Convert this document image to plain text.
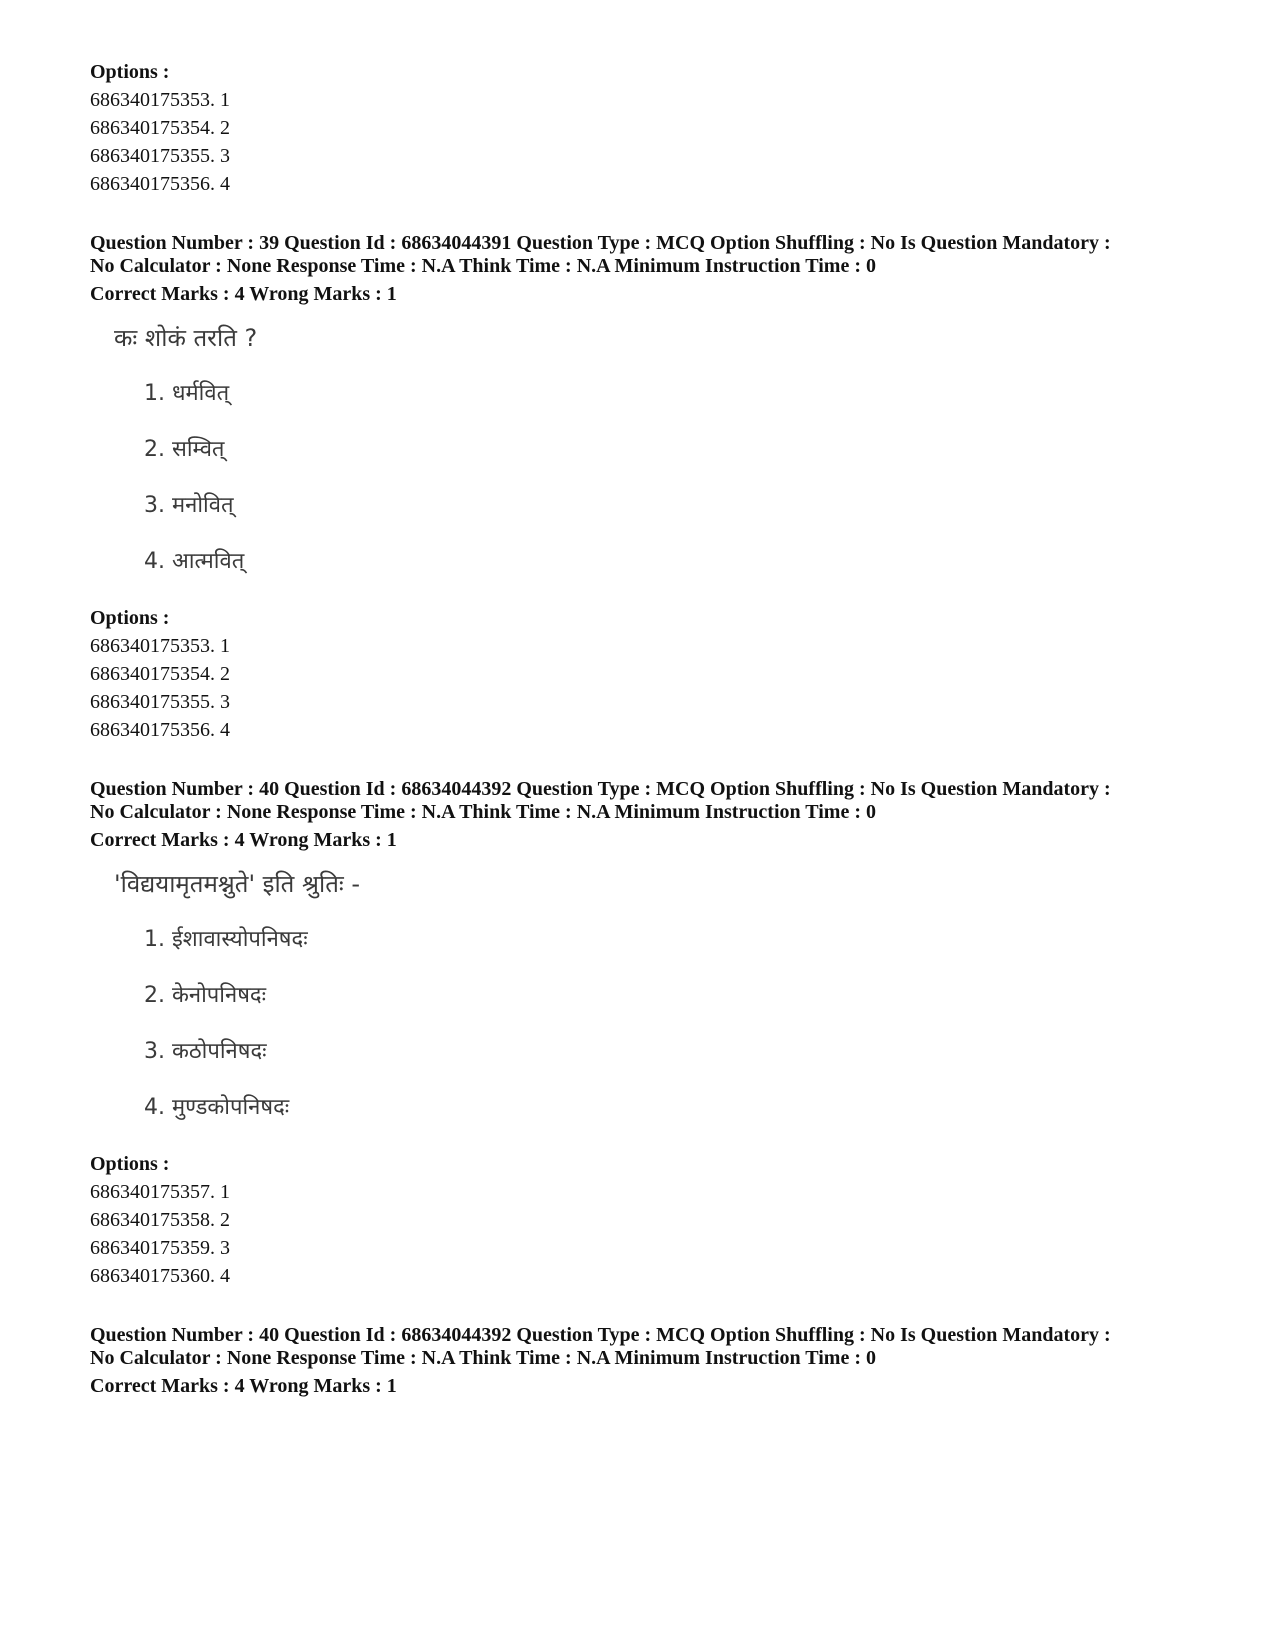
Options :
686340175353. 1
686340175354. 2
686340175355. 3
686340175356. 4
Question Number : 39 Question Id : 68634044391 Question Type : MCQ Option Shuffling : No Is Question Mandatory :
No Calculator : None Response Time : N.A Think Time : N.A Minimum Instruction Time : 0
Correct Marks : 4 Wrong Marks : 1
कः शोकं तरति ?
1. धर्मवित्
2. सम्वित्
3. मनोवित्
4. आत्मवित्
Options :
686340175353. 1
686340175354. 2
686340175355. 3
686340175356. 4
Question Number : 40 Question Id : 68634044392 Question Type : MCQ Option Shuffling : No Is Question Mandatory :
No Calculator : None Response Time : N.A Think Time : N.A Minimum Instruction Time : 0
Correct Marks : 4 Wrong Marks : 1
'विद्ययामृतमश्नुते' इति श्रुतिः -
1. ईशावास्योपनिषदः
2. केनोपनिषदः
3. कठोपनिषदः
4. मुण्डकोपनिषदः
Options :
686340175357. 1
686340175358. 2
686340175359. 3
686340175360. 4
Question Number : 40 Question Id : 68634044392 Question Type : MCQ Option Shuffling : No Is Question Mandatory :
No Calculator : None Response Time : N.A Think Time : N.A Minimum Instruction Time : 0
Correct Marks : 4 Wrong Marks : 1
